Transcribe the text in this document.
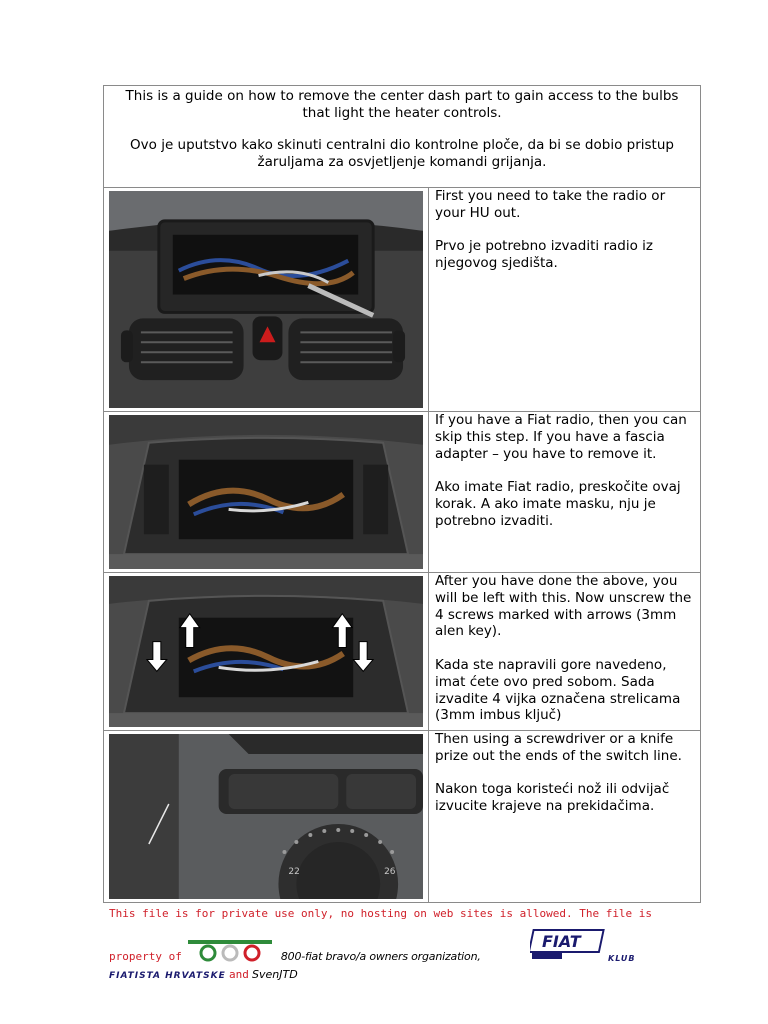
This is a guide on how to remove the center dash part to gain access to the bulbs that light the heater controls.

Ovo je uputstvo kako skinuti centralni dio kontrolne ploče, da bi se dobio pristup žaruljama za osvjetljenje komandi grijanja.

First you need to take the radio or your HU out.

Prvo je potrebno izvaditi radio iz njegovog sjedišta.

If you have a Fiat radio, then you can skip this step. If you have a fascia adapter – you have to remove it.

Ako imate Fiat radio, preskočite ovaj korak. A ako imate masku, nju je potrebno izvaditi.

After you have done the above, you will be left with this. Now unscrew the 4 screws marked with arrows (3mm alen key).

Kada ste napravili gore navedeno, imat ćete ovo pred sobom. Sada izvadite 4 vijka označena strelicama (3mm imbus ključ)

22	26

Then using a screwdriver or a knife prize out the ends of the switch line.

Nakon toga koristeći nož ili odvijač izvucite krajeve na prekidačima.

This file is for private use only, no hosting on web sites is allowed. The file is
property of	800-fiat bravo/a owners organization,
FIAT
KLUB
FIATISTA HRVATSKE and SvenJTD
